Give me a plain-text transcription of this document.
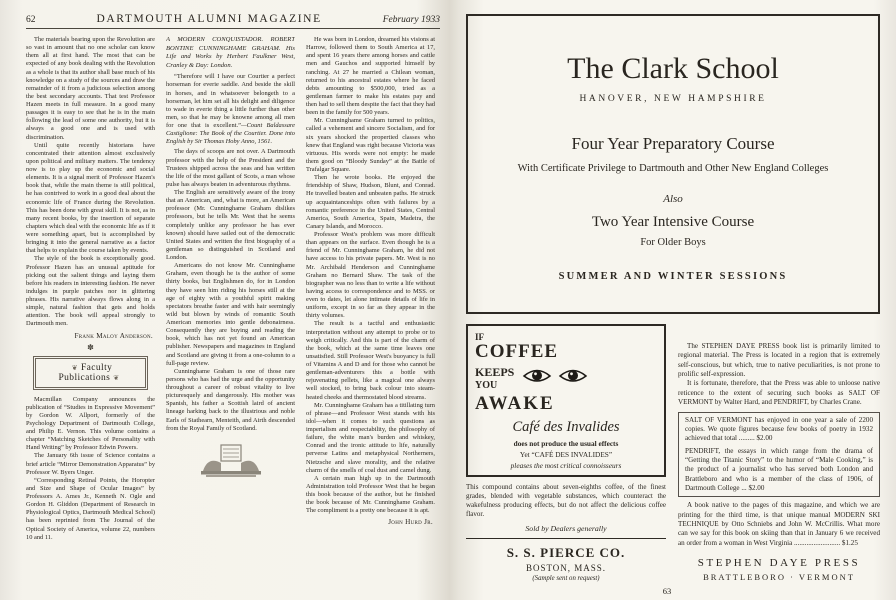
62	DARTMOUTH ALUMNI MAGAZINE	February 1933

The materials bearing upon the Revolution are so vast in amount that no one scholar can know them all at first hand. The most that can be expected of any book dealing with the Revolution as a whole is that its author shall base much of his knowledge on a study of the sources and draw the remainder of it from a judicious selection among the best secondary accounts. That test Professor Hazen meets in full measure. In a good many passages it is easy to see that he is in the main following the lead of some one authority, but it is always a good one and is used with discrimination.

Until quite recently historians have concentrated their attention almost exclusively upon political and military matters. The tendency now is to play up the economic and social elements. It is a signal merit of Professor Hazen's book that, while the main theme is still political, he has contrived to work in a good deal about the economic life of France during the Revolution. This has been done with great skill. It is not, as in many recent books, by the insertion of separate chapters which deal with the economic life as if it were something apart, but is accomplished by bringing it into the general narrative as a factor that helps to explain the course taken by events.

The style of the book is exceptionally good. Professor Hazen has an unusual aptitude for picking out the salient things and laying them before his readers in interesting fashion. He never indulges in purple patches nor in glittering phrases. His narrative always flows along in a simple, natural fashion that gets and holds attention. The book will appeal strongly to Dartmouth men.

Frank Maloy Anderson.
✽
❦ Faculty Publications ❦

Macmillan Company announces the publication of “Studies in Expressive Movement” by Gordon W. Allport, formerly of the Psychology Department of Dartmouth College, and Philip E. Vernon. This volume contains a chapter “Matching Sketches of Personality with Hand Writing” by Professor Edwin Powers.

The January 6th issue of Science contains a brief article “Mirror Demonstration Apparatus” by Professor W. Byers Unger.

“Corresponding Retinal Points, the Horopter and Size and Shape of Ocular Images” by Professors A. Ames Jr., Kenneth N. Ogle and Gordon H. Gliddon (Department of Research in Physiological Optics, Dartmouth Medical School) has been reprinted from The Journal of the Optical Society of America, volume 22, numbers 10 and 11.

A MODERN CONQUISTADOR. ROBERT BONTINE CUNNINGHAME GRAHAM. His Life and Works by Herbert Faulkner West, Cranley & Day: London.

“Therefore will I have our Courtier a perfect horseman for everie saddle. And beside the skill in horses, and in whatsoever belongeth to a horseman, let him set all his delight and diligence to wade in everie thing a little further than other men, so that he may be knowne among all men for one that is excellent.”—Count Baldassare Castiglione: The Book of the Courtier. Done into English by Sir Thomas Hoby Anno, 1561.

The days of scoops are not over. A Dartmouth professor with the help of the President and the Trustees shipped across the seas and has written the life of the most gallant of Scots, a man whose pulse has always beaten in adventurous rhythms.

The English are sensitively aware of the irony that an American, and, what is more, an American professor (Mr. Cunninghame Graham dislikes professors, but he tells Mr. West that he seems completely unlike any professor he has ever known) should have sailed out of the democratic United States and written the first biography of a gentleman so distinguished in Scotland and London.

Americans do not know Mr. Cunninghame Graham, even though he is the author of some thirty books, but Englishmen do, for in London they have seen him riding his horses still at the age of eighty with a youthful spirit making spectators breathe faster and with hair seemingly wild but blown by winds of romantic South American memories into gentle debonairness. Consequently they are buying and reading the book, which has not yet found an American publisher. Newspapers and magazines in England and Scotland are giving it from a one-column to a full-page review.

Cunninghame Graham is one of those rare persons who has had the urge and the opportunity throughout a career of robust vitality to live picturesquely and dangerously. His mother was Spanish, his father a Scottish laird of ancient lineage harking back to the illustrious and noble Earls of Stathearn, Menteith, and Airth descended from the Royal Family of Scotland.

He was born in London, dreamed his visions at Harrow, followed them to South America at 17, and spent 16 years there among horses and cattle men and Gauchos and supported himself by ranching. At 27 he married a Chilean woman, returned to his ancestral estates where he faced debts amounting to $500,000, tried as a gentleman farmer to make his estates pay and then had to sell them despite the fact that they had been in the family for 500 years.

Mr. Cunninghame Graham turned to politics, called a vehement and sincere Socialism, and for six years shocked the propertied classes who knew that England was right because Victoria was virtuous. His words were not empty: he made them good on “Bloody Sunday” at the Battle of Trafalgar Square.

Then he wrote books. He enjoyed the friendship of Shaw, Hudson, Blunt, and Conrad. He travelled beaten and unbeaten paths. He struck up acquaintanceships often with failures by a romantic preference in the United States, Central America, South America, Spain, Madeira, the Canary Islands, and Morocco.

Professor West's problem was more difficult than appears on the surface. Even though he is a friend of Mr. Cunninghame Graham, he did not have access to his private papers. Mr. West is no Mr. Archibald Henderson and Cunninghame Graham no Bernard Shaw. The task of the biographer was no less than to write a life without having access to correspondence and to MSS. or even to dates, let alone intimate details of life in uniform, except in so far as they appear in the thirty volumes.

The result is a tactful and enthusiastic interpretation without any attempt to probe or to weigh critically. And this is part of the charm of the book, which at the same time leaves one unsatisfied. Still Professor West's buoyancy is full of Vitamins A and D and for those who cannot be gentleman-adventurers this a bottle with rejuvenating pellets, like a magical one always well stocked, to bring back colour into steam-heated cheeks and thermostated blood streams.

Mr. Cunninghame Graham has a titillating turn of phrase—and Professor West stands with his idol—when it comes to such questions as imperialism and respectability, the philosophy of failure, the white man's burden and whiskey, Conrad and the ironic attitude to life, naturally perverse Latins and metaphysical Northerners, Nietzsche and slave morality, and the relative charm of the smells of coal dust and camel dung.

A certain man high up in the Dartmouth Administration told Professor West that he began this book because of the author, but he finished the book because of Mr. Cunninghame Graham. The compliment is a pretty one because it is apt.

John Hurd Jr.
The Clark School
HANOVER, NEW HAMPSHIRE
Four Year Preparatory Course
With Certificate Privilege to Dartmouth and Other New England Colleges
Also
Two Year Intensive Course
For Older Boys
SUMMER AND WINTER SESSIONS
IF
COFFEE
KEEPS
YOU
AWAKE
Café des Invalides
does not produce the usual effects
Yet “CAFÉ DES INVALIDES”
pleases the most critical connoisseurs

This compound contains about seven-eighths coffee, of the finest grades, blended with vegetable substances, which counteract the wakefulness producing effects, but do not affect the delicious coffee flavor.

Sold by Dealers generally
S. S. PIERCE CO.
BOSTON, MASS.
(Sample sent on request)

The STEPHEN DAYE PRESS book list is primarily limited to regional material. The Press is located in a region that is extremely self-conscious, but which, true to native peculiarities, is not prone to prolific self-expression.

It is fortunate, therefore, that the Press was able to unloose native reticence to the extent of securing such books as SALT OF VERMONT by Walter Hard, and PENDRIFT, by Charles Crane.

SALT OF VERMONT has enjoyed in one year a sale of 2200 copies. We quote figures because few books of poetry in 1932 achieved that total ......... $2.00

PENDRIFT, the essays in which range from the drama of “Getting the Titanic Story” to the humor of “Male Cooking,” is the product of a journalist who has served both London and Brattleboro and who is a member of the class of 1906, of Dartmouth College ... $2.00

A book native to the pages of this magazine, and which we are printing for the third time, is that unique manual MODERN SKI TECHNIQUE by Otto Schniebs and John W. McCrillis. What more can we say for this book on skiing than that in January 6 we received an order from a woman in West Virginia .......................... $1.25

STEPHEN DAYE PRESS
BRATTLEBORO · VERMONT
63
